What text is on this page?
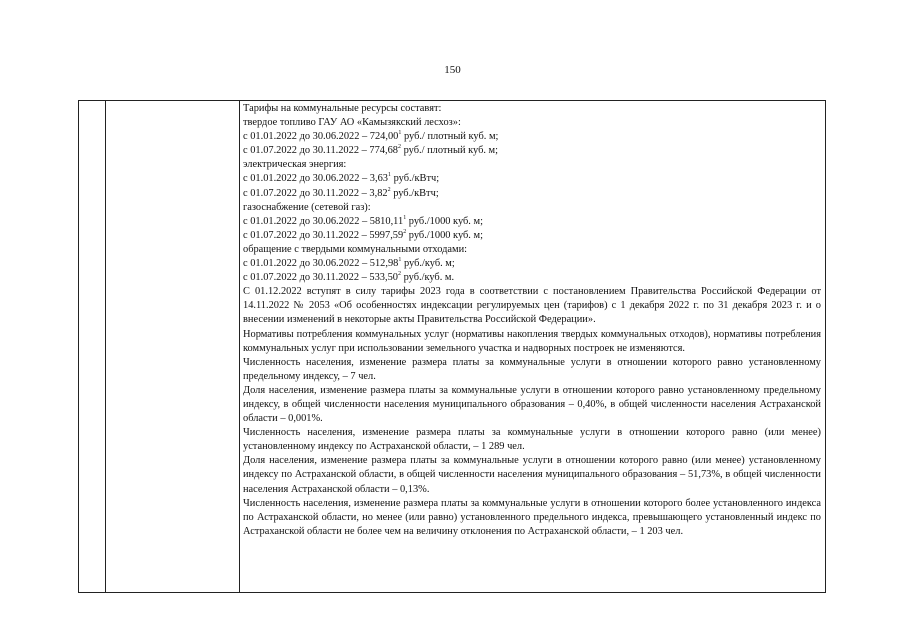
150

Тарифы на коммунальные ресурсы составят:

твердое топливо ГАУ АО «Камызякский лесхоз»:

с 01.01.2022 до 30.06.2022 – 724,00$^1$ руб./ плотный куб. м;

с 01.07.2022 до 30.11.2022 – 774,68$^2$ руб./ плотный куб. м;

электрическая энергия:

с 01.01.2022 до 30.06.2022 – 3,63$^1$ руб./кВтч;

с 01.07.2022 до 30.11.2022 – 3,82$^2$ руб./кВтч;

газоснабжение (сетевой газ):

с 01.01.2022 до 30.06.2022 – 5810,11$^1$ руб./1000 куб. м;

с 01.07.2022 до 30.11.2022 – 5997,59$^2$ руб./1000 куб. м;

обращение с твердыми коммунальными отходами:

с 01.01.2022 до 30.06.2022 – 512,98$^1$ руб./куб. м;

с 01.07.2022 до 30.11.2022 – 533,50$^2$ руб./куб. м.

С 01.12.2022 вступят в силу тарифы 2023 года в соответствии с постановлением Правительства Российской Федерации от 14.11.2022 № 2053 «Об особенностях индексации регулируемых цен (тарифов) с 1 декабря 2022 г. по 31 декабря 2023 г. и о внесении изменений в некоторые акты Правительства Российской Федерации».

Нормативы потребления коммунальных услуг (нормативы накопления твердых коммунальных отходов), нормативы потребления коммунальных услуг при использовании земельного участка и надворных построек не изменяются.

Численность населения, изменение размера платы за коммунальные услуги в отношении которого равно установленному предельному индексу, – 7 чел.

Доля населения, изменение размера платы за коммунальные услуги в отношении которого равно установленному предельному индексу, в общей численности населения муниципального образования – 0,40%, в общей численности населения Астраханской области – 0,001%.

Численность населения, изменение размера платы за коммунальные услуги в отношении которого равно (или менее) установленному индексу по Астраханской области, – 1 289 чел.

Доля населения, изменение размера платы за коммунальные услуги в отношении которого равно (или менее) установленному индексу по Астраханской области, в общей численности населения муниципального образования – 51,73%, в общей численности населения Астраханской области – 0,13%.

Численность населения, изменение размера платы за коммунальные услуги в отношении которого более установленного индекса по Астраханской области, но менее (или равно) установленного предельного индекса, превышающего установленный индекс по Астраханской области не более чем на величину отклонения по Астраханской области, – 1 203 чел.
